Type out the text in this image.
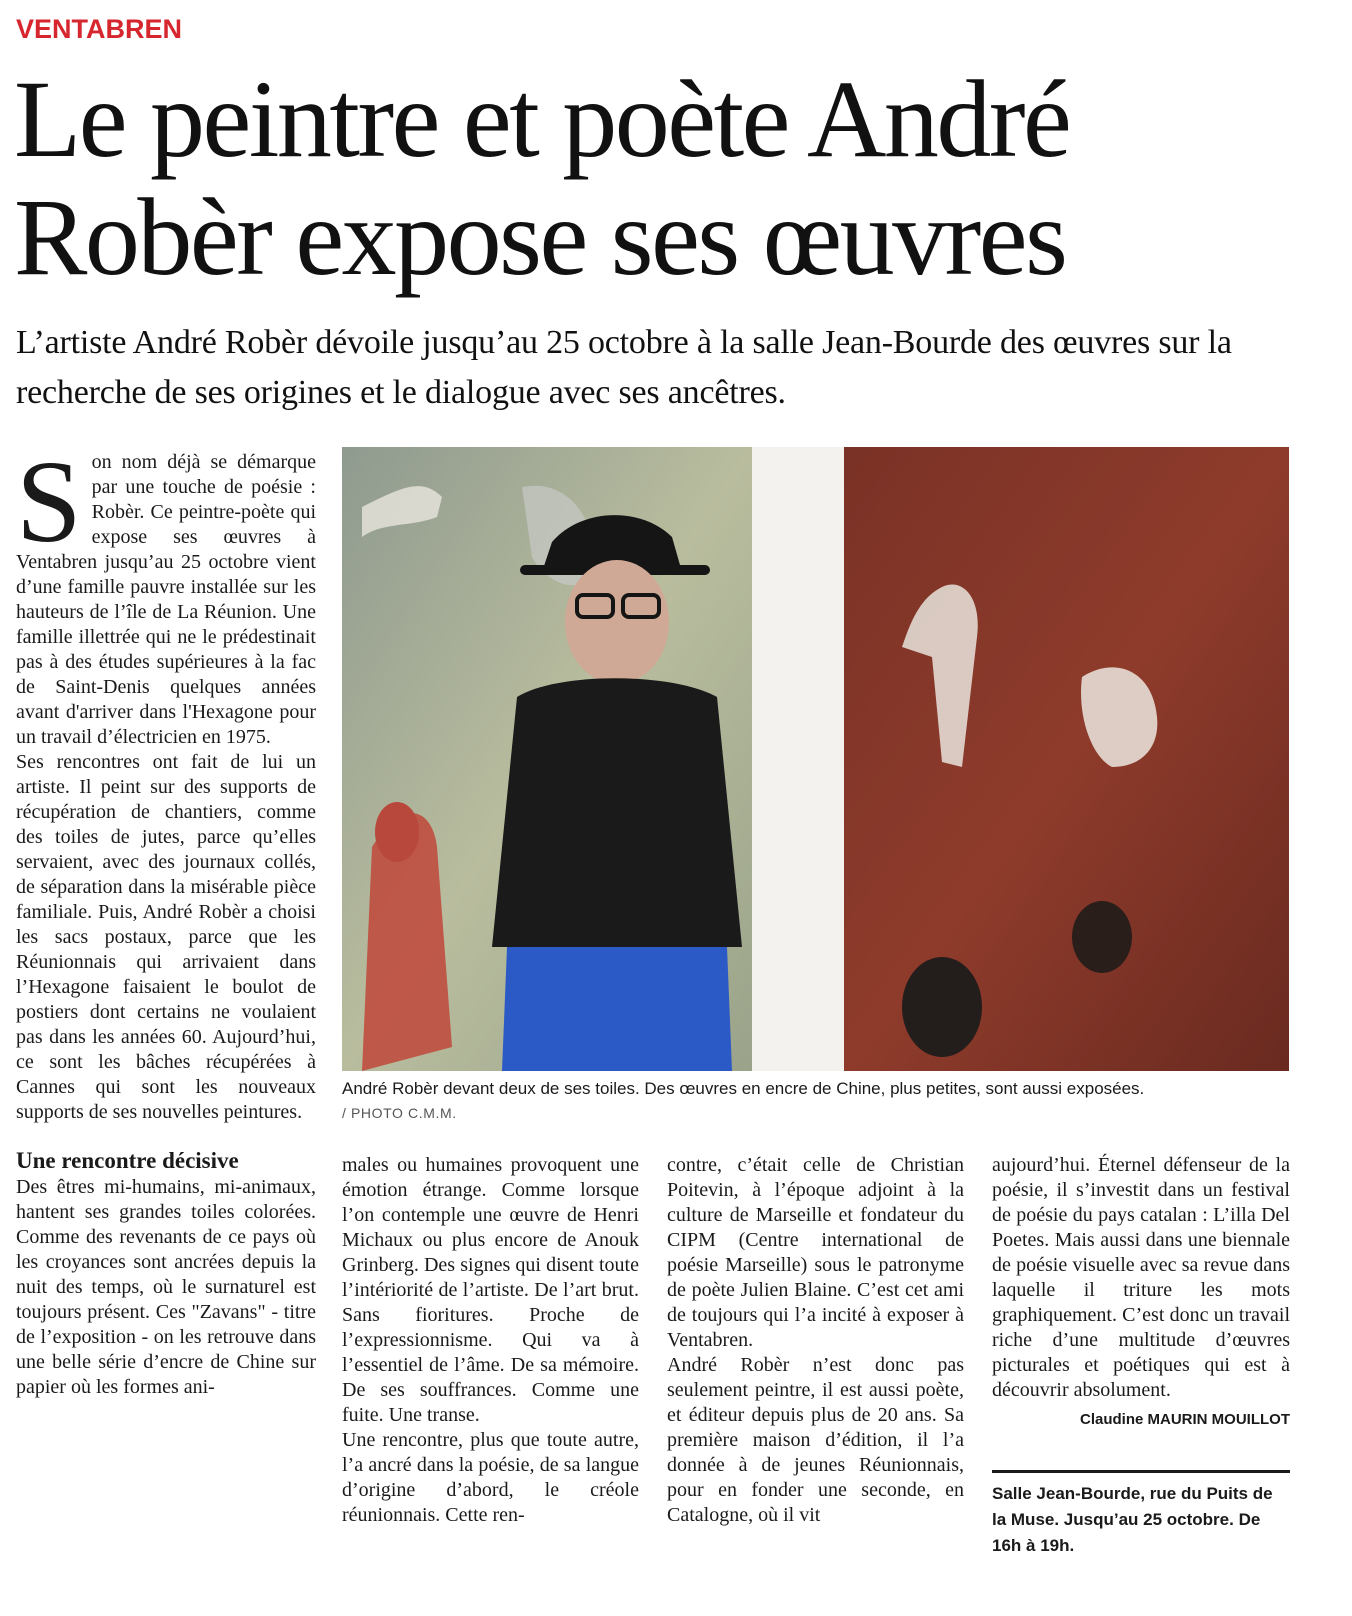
VENTABREN
Le peintre et poète André Robèr expose ses œuvres
L’artiste André Robèr dévoile jusqu’au 25 octobre à la salle Jean-Bourde des œuvres sur la recherche de ses origines et le dialogue avec ses ancêtres.

Son nom déjà se démarque par une touche de poésie : Robèr. Ce peintre-poète qui expose ses œuvres à Ventabren jusqu’au 25 octobre vient d’une famille pauvre installée sur les hauteurs de l’île de La Réunion. Une famille illettrée qui ne le prédestinait pas à des études supérieures à la fac de Saint-Denis quelques années avant d'arriver dans l'Hexagone pour un travail d’électricien en 1975.

Ses rencontres ont fait de lui un artiste. Il peint sur des supports de récupération de chantiers, comme des toiles de jutes, parce qu’elles servaient, avec des journaux collés, de séparation dans la misérable pièce familiale. Puis, André Robèr a choisi les sacs postaux, parce que les Réunionnais qui arrivaient dans l’Hexagone faisaient le boulot de postiers dont certains ne voulaient pas dans les années 60. Aujourd’hui, ce sont les bâches récupérées à Cannes qui sont les nouveaux supports de ses nouvelles peintures.

Une rencontre décisive

Des êtres mi-humains, mi-animaux, hantent ses grandes toiles colorées. Comme des revenants de ce pays où les croyances sont ancrées depuis la nuit des temps, où le surnaturel est toujours présent. Ces "Zavans" - titre de l’exposition - on les retrouve dans une belle série d’encre de Chine sur papier où les formes ani-

André Robèr devant deux de ses toiles. Des œuvres en encre de Chine, plus petites, sont aussi exposées.
/ PHOTO C.M.M.

males ou humaines provoquent une émotion étrange. Comme lorsque l’on contemple une œuvre de Henri Michaux ou plus encore de Anouk Grinberg. Des signes qui disent toute l’intériorité de l’artiste. De l’art brut. Sans fioritures. Proche de l’expressionnisme. Qui va à l’essentiel de l’âme. De sa mémoire. De ses souffrances. Comme une fuite. Une transe.

Une rencontre, plus que toute autre, l’a ancré dans la poésie, de sa langue d’origine d’abord, le créole réunionnais. Cette ren-

contre, c’était celle de Christian Poitevin, à l’époque adjoint à la culture de Marseille et fondateur du CIPM (Centre international de poésie Marseille) sous le patronyme de poète Julien Blaine. C’est cet ami de toujours qui l’a incité à exposer à Ventabren.

André Robèr n’est donc pas seulement peintre, il est aussi poète, et éditeur depuis plus de 20 ans. Sa première maison d’édition, il l’a donnée à de jeunes Réunionnais, pour en fonder une seconde, en Catalogne, où il vit

aujourd’hui. Éternel défenseur de la poésie, il s’investit dans un festival de poésie du pays catalan : L’illa Del Poetes. Mais aussi dans une biennale de poésie visuelle avec sa revue dans laquelle il triture les mots graphiquement. C’est donc un travail riche d’une multitude d’œuvres picturales et poétiques qui est à découvrir absolument.

Claudine MAURIN MOUILLOT

Salle Jean-Bourde, rue du Puits de la Muse. Jusqu’au 25 octobre. De 16h à 19h.
